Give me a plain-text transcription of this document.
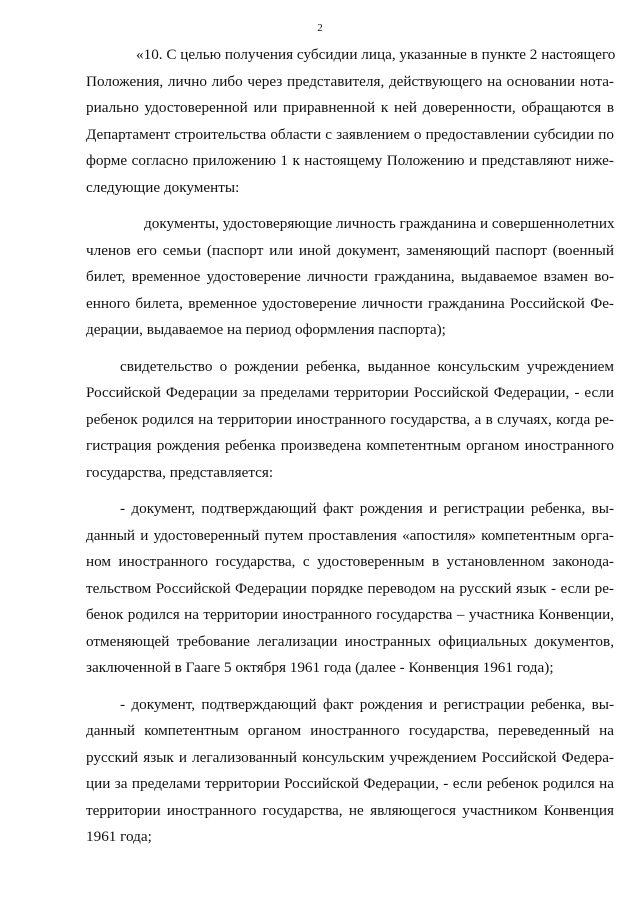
2
«10. С целью получения субсидии лица, указанные в пункте 2 настоящего
Положения, лично либо через представителя, действующего на основании нота-
риально удостоверенной или приравненной к ней доверенности, обращаются в
Департамент строительства области с заявлением о предоставлении субсидии по
форме согласно приложению 1 к настоящему Положению и представляют ниже-
следующие документы:
документы, удостоверяющие личность гражданина и совершеннолетних
членов его семьи (паспорт или иной документ, заменяющий паспорт (военный
билет, временное удостоверение личности гражданина, выдаваемое взамен во-
енного билета, временное удостоверение личности гражданина Российской Фе-
дерации, выдаваемое на период оформления паспорта);
свидетельство о рождении ребенка, выданное консульским учреждением
Российской Федерации за пределами территории Российской Федерации, - если
ребенок родился на территории иностранного государства, а в случаях, когда ре-
гистрация рождения ребенка произведена компетентным органом иностранного
государства, представляется:
- документ, подтверждающий факт рождения и регистрации ребенка, вы-
данный и удостоверенный путем проставления «апостиля» компетентным орга-
ном иностранного государства, с удостоверенным в установленном законода-
тельством Российской Федерации порядке переводом на русский язык - если ре-
бенок родился на территории иностранного государства – участника Конвенции,
отменяющей требование легализации иностранных официальных документов,
заключенной в Гааге 5 октября 1961 года (далее - Конвенция 1961 года);
- документ, подтверждающий факт рождения и регистрации ребенка, вы-
данный компетентным органом иностранного государства, переведенный на
русский язык и легализованный консульским учреждением Российской Федера-
ции за пределами территории Российской Федерации, - если ребенок родился на
территории иностранного государства, не являющегося участником Конвенция
1961 года;
